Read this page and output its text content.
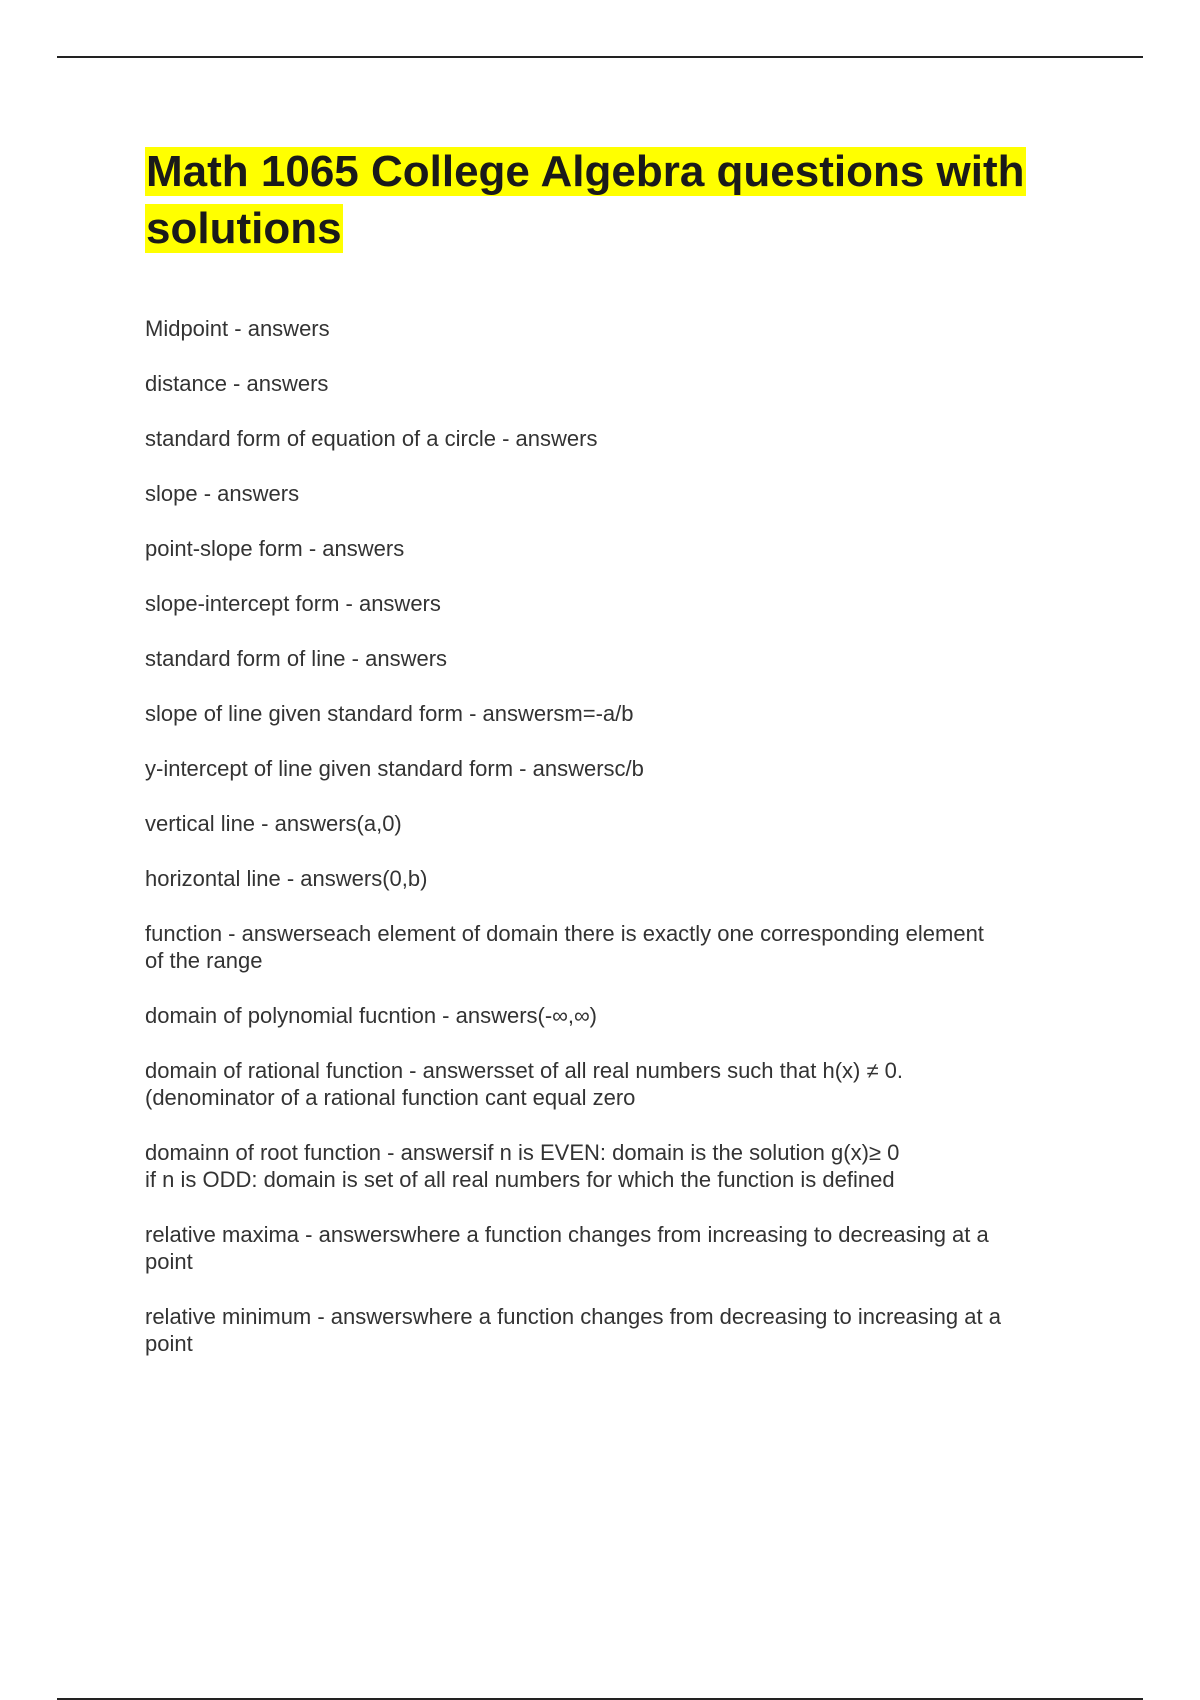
Math 1065 College Algebra questions with solutions

Midpoint - answers

distance - answers

standard form of equation of a circle - answers

slope - answers

point-slope form - answers

slope-intercept form - answers

standard form of line - answers

slope of line given standard form - answersm=-a/b

y-intercept of line given standard form - answersc/b

vertical line - answers(a,0)

horizontal line - answers(0,b)

function - answerseach element of domain there is exactly one corresponding element
of the range

domain of polynomial fucntion - answers(-∞,∞)

domain of rational function - answersset of all real numbers such that h(x) ≠ 0.
(denominator of a rational function cant equal zero

domainn of root function - answersif n is EVEN: domain is the solution g(x)≥ 0
if n is ODD: domain is set of all real numbers for which the function is defined

relative maxima - answerswhere a function changes from increasing to decreasing at a
point

relative minimum - answerswhere a function changes from decreasing to increasing at a
point
